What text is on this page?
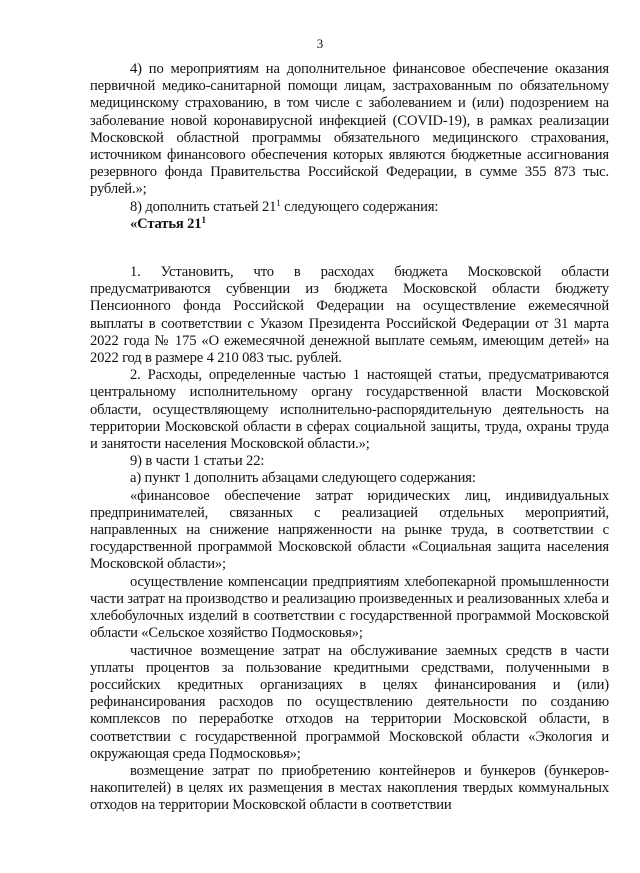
3

4) по мероприятиям на дополнительное финансовое обеспечение оказания первичной медико-санитарной помощи лицам, застрахованным по обязательному медицинскому страхованию, в том числе с заболеванием и (или) подозрением на заболевание новой коронавирусной инфекцией (COVID-19), в рамках реализации Московской областной программы обязательного медицинского страхования, источником финансового обеспечения которых являются бюджетные ассигнования резервного фонда Правительства Российской Федерации, в сумме 355 873 тыс. рублей.»;

8) дополнить статьей $21^1$ следующего содержания:

«Статья $21^1$

1. Установить, что в расходах бюджета Московской области предусматриваются субвенции из бюджета Московской области бюджету Пенсионного фонда Российской Федерации на осуществление ежемесячной выплаты в соответствии с Указом Президента Российской Федерации от 31 марта 2022 года № 175 «О ежемесячной денежной выплате семьям, имеющим детей» на 2022 год в размере 4 210 083 тыс. рублей.

2. Расходы, определенные частью 1 настоящей статьи, предусматриваются центральному исполнительному органу государственной власти Московской области, осуществляющему исполнительно-распорядительную деятельность на территории Московской области в сферах социальной защиты, труда, охраны труда и занятости населения Московской области.»;

9) в части 1 статьи 22:

а) пункт 1 дополнить абзацами следующего содержания:

«финансовое обеспечение затрат юридических лиц, индивидуальных предпринимателей, связанных с реализацией отдельных мероприятий, направленных на снижение напряженности на рынке труда, в соответствии с государственной программой Московской области «Социальная защита населения Московской области»;

осуществление компенсации предприятиям хлебопекарной промышленности части затрат на производство и реализацию произведенных и реализованных хлеба и хлебобулочных изделий в соответствии с государственной программой Московской области «Сельское хозяйство Подмосковья»;

частичное возмещение затрат на обслуживание заемных средств в части уплаты процентов за пользование кредитными средствами, полученными в российских кредитных организациях в целях финансирования и (или) рефинансирования расходов по осуществлению деятельности по созданию комплексов по переработке отходов на территории Московской области, в соответствии с государственной программой Московской области «Экология и окружающая среда Подмосковья»;

возмещение затрат по приобретению контейнеров и бункеров (бункеров-накопителей) в целях их размещения в местах накопления твердых коммунальных отходов на территории Московской области в соответствии
